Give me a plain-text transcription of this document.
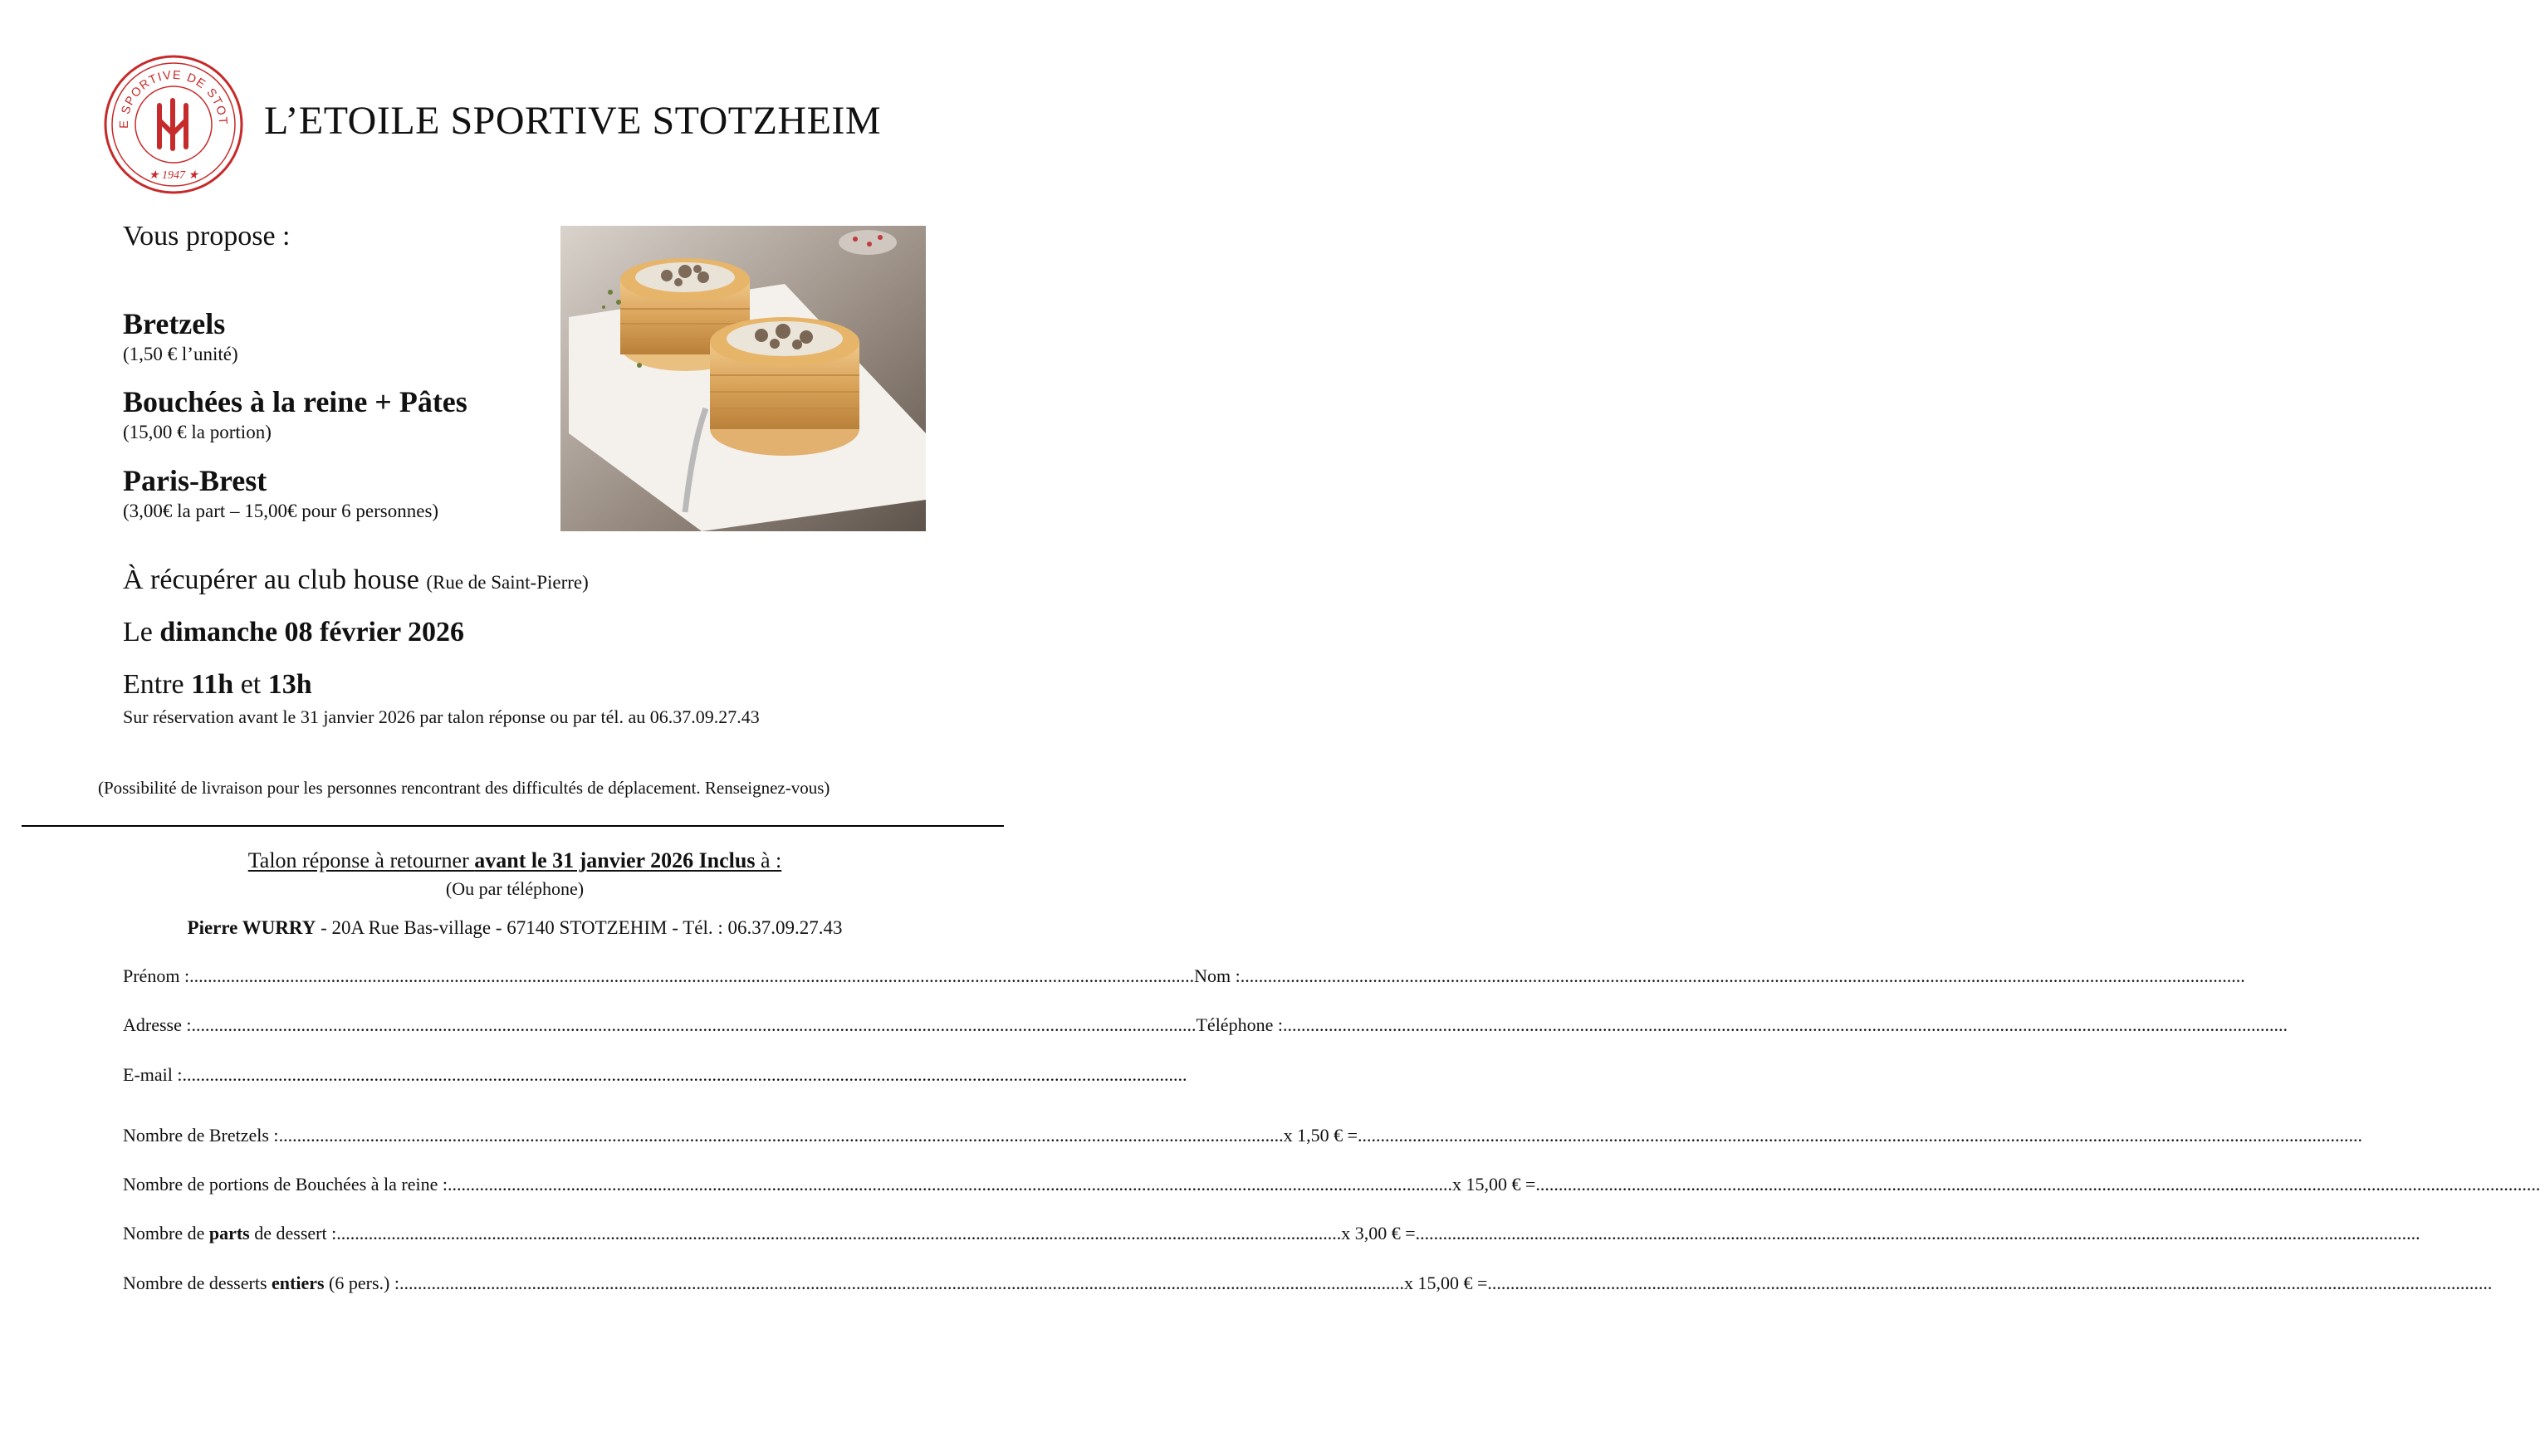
E SPORTIVE DE STOT
★ 1947 ★
L’ETOILE SPORTIVE STOTZHEIM
Vous propose :
Bretzels
(1,50 € l’unité)
Bouchées à la reine + Pâtes
(15,00 € la portion)
Paris-Brest
(3,00€ la part – 15,00€ pour 6 personnes)
À récupérer au club house (Rue de Saint-Pierre)
Le dimanche 08 février 2026
Entre 11h et 13h
Sur réservation avant le 31 janvier 2026 par talon réponse ou par tél. au 06.37.09.27.43
(Possibilité de livraison pour les personnes rencontrant des difficultés de déplacement. Renseignez-vous)
Talon réponse à retourner avant le 31 janvier 2026 Inclus à :
(Ou par téléphone)
Pierre WURRY - 20A Rue Bas-village - 67140 STOTZEHIM - Tél. : 06.37.09.27.43
Prénom : ............................................................................................................................................................................................................................ Nom : ............................................................................................................................................................................................................................
Adresse : ............................................................................................................................................................................................................................ Téléphone : ............................................................................................................................................................................................................................
E-mail : ............................................................................................................................................................................................................................
Nombre de Bretzels : ............................................................................................................................................................................................................................ x 1,50 € = ............................................................................................................................................................................................................................
Nombre de portions de Bouchées à la reine : ............................................................................................................................................................................................................................ x 15,00 € = ............................................................................................................................................................................................................................
Nombre de parts de dessert : ............................................................................................................................................................................................................................ x 3,00 € = ............................................................................................................................................................................................................................
Nombre de desserts entiers (6 pers.) : ............................................................................................................................................................................................................................ x 15,00 € = ............................................................................................................................................................................................................................
